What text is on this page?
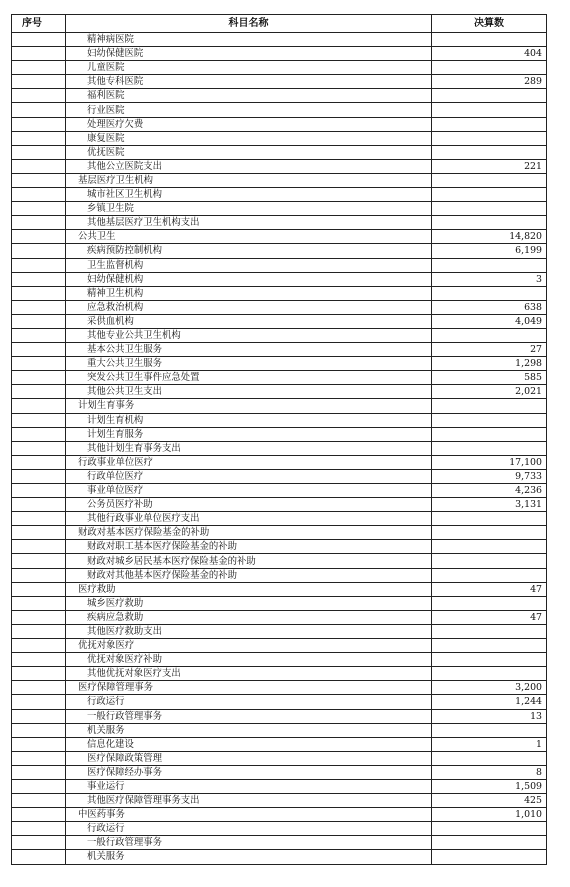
序号	科目名称	决算数
	精神病医院	
	妇幼保健医院	404
	儿童医院	
	其他专科医院	289
	福利医院	
	行业医院	
	处理医疗欠费	
	康复医院	
	优抚医院	
	其他公立医院支出	221
	基层医疗卫生机构	
	城市社区卫生机构	
	乡镇卫生院	
	其他基层医疗卫生机构支出	
	公共卫生	14,820
	疾病预防控制机构	6,199
	卫生监督机构	
	妇幼保健机构	3
	精神卫生机构	
	应急救治机构	638
	采供血机构	4,049
	其他专业公共卫生机构	
	基本公共卫生服务	27
	重大公共卫生服务	1,298
	突发公共卫生事件应急处置	585
	其他公共卫生支出	2,021
	计划生育事务	
	计划生育机构	
	计划生育服务	
	其他计划生育事务支出	
	行政事业单位医疗	17,100
	行政单位医疗	9,733
	事业单位医疗	4,236
	公务员医疗补助	3,131
	其他行政事业单位医疗支出	
	财政对基本医疗保险基金的补助	
	财政对职工基本医疗保险基金的补助	
	财政对城乡居民基本医疗保险基金的补助	
	财政对其他基本医疗保险基金的补助	
	医疗救助	47
	城乡医疗救助	
	疾病应急救助	47
	其他医疗救助支出	
	优抚对象医疗	
	优抚对象医疗补助	
	其他优抚对象医疗支出	
	医疗保障管理事务	3,200
	行政运行	1,244
	一般行政管理事务	13
	机关服务	
	信息化建设	1
	医疗保障政策管理	
	医疗保障经办事务	8
	事业运行	1,509
	其他医疗保障管理事务支出	425
	中医药事务	1,010
	行政运行	
	一般行政管理事务	
	机关服务	
